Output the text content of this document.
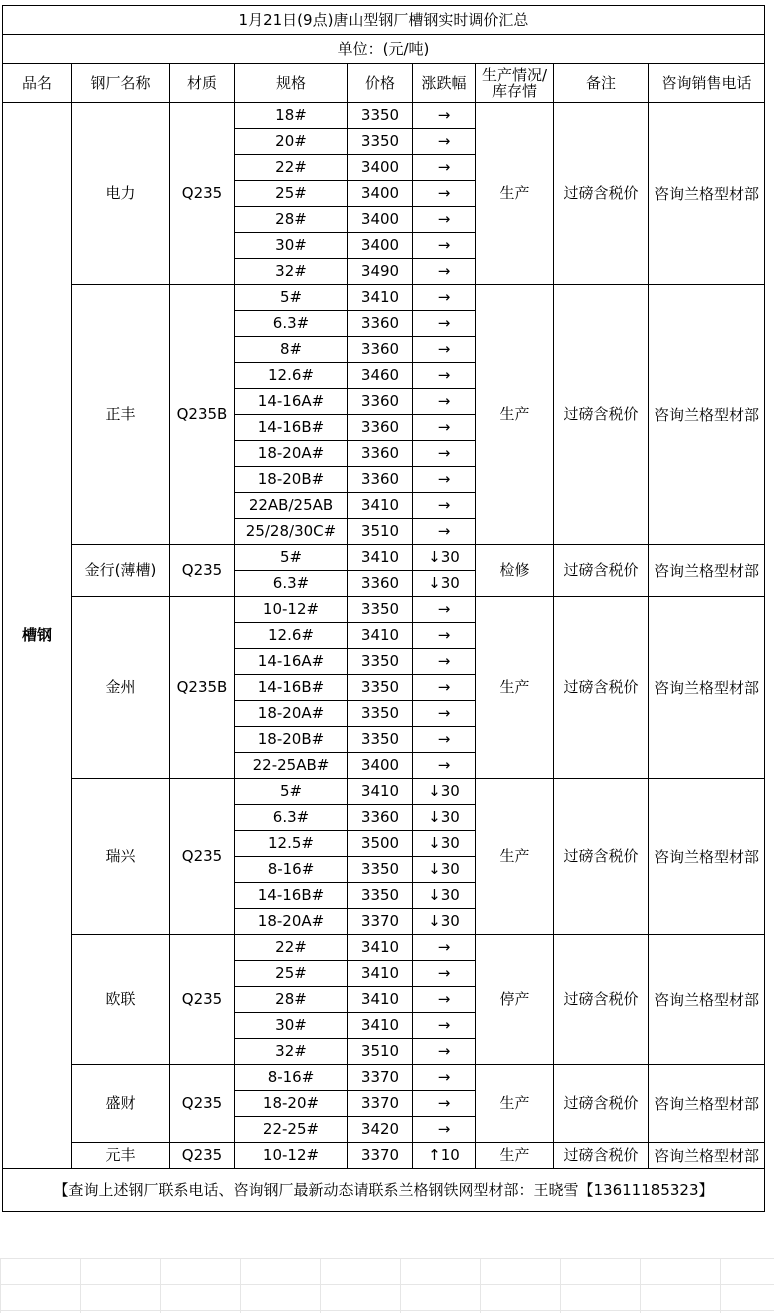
1月21日(9点)唐山型钢厂槽钢实时调价汇总								
单位：(元/吨)								
品名	钢厂名称	材质	规格	价格	涨跌幅	生产情况/库存情	备注	咨询销售电话
槽钢	电力	Q235	18#	3350	→	生产	过磅含税价	咨询兰格型材部
			20#	3350	→			
			22#	3400	→			
			25#	3400	→			
			28#	3400	→			
			30#	3400	→			
			32#	3490	→			
	正丰	Q235B	5#	3410	→	生产	过磅含税价	咨询兰格型材部
			6.3#	3360	→			
			8#	3360	→			
			12.6#	3460	→			
			14-16A#	3360	→			
			14-16B#	3360	→			
			18-20A#	3360	→			
			18-20B#	3360	→			
			22AB/25AB	3410	→			
			25/28/30C#	3510	→			
	金行(薄槽)	Q235	5#	3410	↓30	检修	过磅含税价	咨询兰格型材部
			6.3#	3360	↓30			
	金州	Q235B	10-12#	3350	→	生产	过磅含税价	咨询兰格型材部
			12.6#	3410	→			
			14-16A#	3350	→			
			14-16B#	3350	→			
			18-20A#	3350	→			
			18-20B#	3350	→			
			22-25AB#	3400	→			
	瑞兴	Q235	5#	3410	↓30	生产	过磅含税价	咨询兰格型材部
			6.3#	3360	↓30			
			12.5#	3500	↓30			
			8-16#	3350	↓30			
			14-16B#	3350	↓30			
			18-20A#	3370	↓30			
	欧联	Q235	22#	3410	→	停产	过磅含税价	咨询兰格型材部
			25#	3410	→			
			28#	3410	→			
			30#	3410	→			
			32#	3510	→			
	盛财	Q235	8-16#	3370	→	生产	过磅含税价	咨询兰格型材部
			18-20#	3370	→			
			22-25#	3420	→			
	元丰	Q235	10-12#	3370	↑10	生产	过磅含税价	咨询兰格型材部
【查询上述钢厂联系电话、咨询钢厂最新动态请联系兰格钢铁网型材部：王晓雪【13611185323】								
